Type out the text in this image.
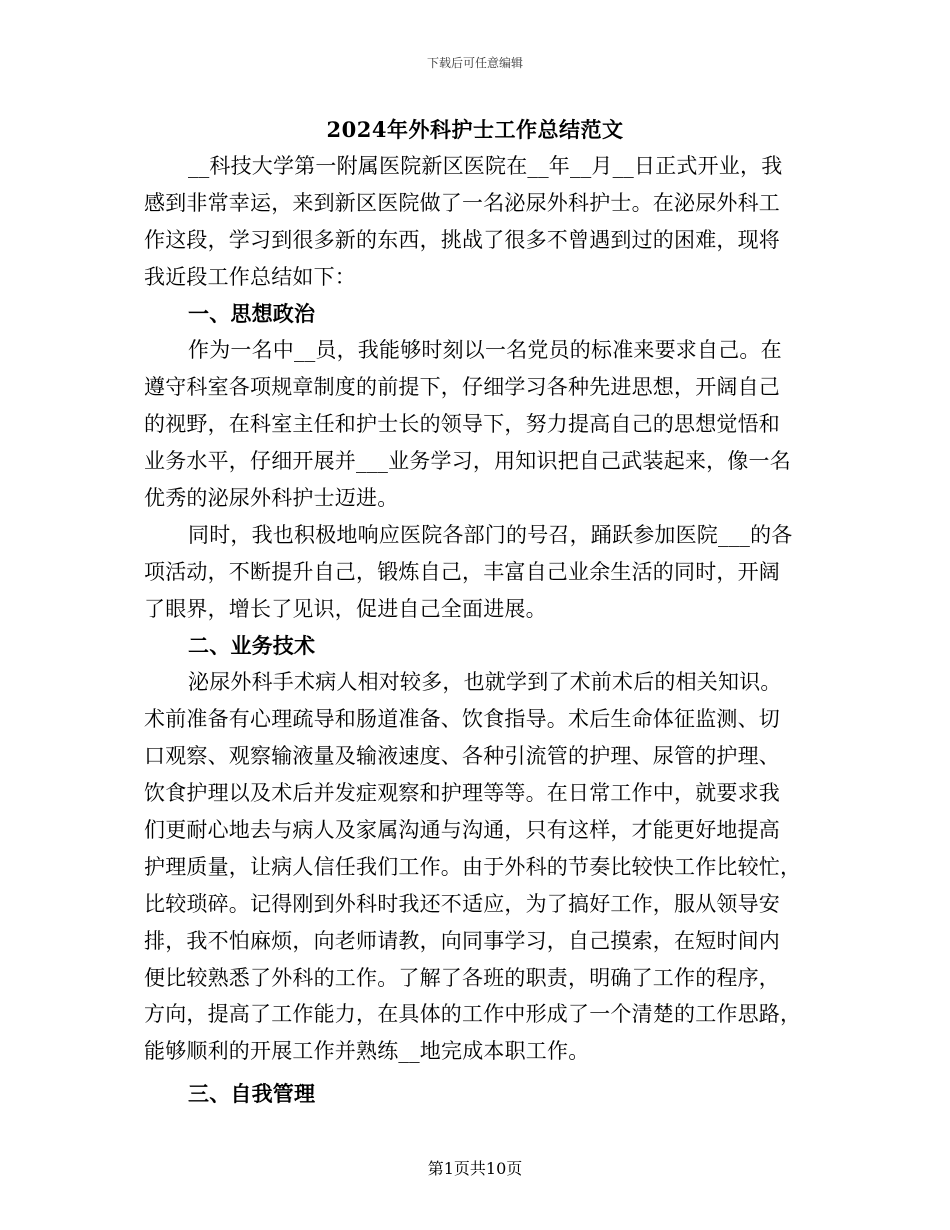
下载后可任意编辑
2024年外科护士工作总结范文
__科技大学第一附属医院新区医院在__年__月__日正式开业，我
感到非常幸运，来到新区医院做了一名泌尿外科护士。在泌尿外科工
作这段，学习到很多新的东西，挑战了很多不曾遇到过的困难，现将
我近段工作总结如下：
一、思想政治
作为一名中__员，我能够时刻以一名党员的标准来要求自己。在
遵守科室各项规章制度的前提下，仔细学习各种先进思想，开阔自己
的视野，在科室主任和护士长的领导下，努力提高自己的思想觉悟和
业务水平，仔细开展并___业务学习，用知识把自己武装起来，像一名
优秀的泌尿外科护士迈进。
同时，我也积极地响应医院各部门的号召，踊跃参加医院___的各
项活动，不断提升自己，锻炼自己，丰富自己业余生活的同时，开阔
了眼界，增长了见识，促进自己全面进展。
二、业务技术
泌尿外科手术病人相对较多，也就学到了术前术后的相关知识。
术前准备有心理疏导和肠道准备、饮食指导。术后生命体征监测、切
口观察、观察输液量及输液速度、各种引流管的护理、尿管的护理、
饮食护理以及术后并发症观察和护理等等。在日常工作中，就要求我
们更耐心地去与病人及家属沟通与沟通，只有这样，才能更好地提高
护理质量，让病人信任我们工作。由于外科的节奏比较快工作比较忙，
比较琐碎。记得刚到外科时我还不适应，为了搞好工作，服从领导安
排，我不怕麻烦，向老师请教，向同事学习，自己摸索，在短时间内
便比较熟悉了外科的工作。了解了各班的职责，明确了工作的程序，
方向，提高了工作能力，在具体的工作中形成了一个清楚的工作思路，
能够顺利的开展工作并熟练__地完成本职工作。
三、自我管理
第1页共10页
